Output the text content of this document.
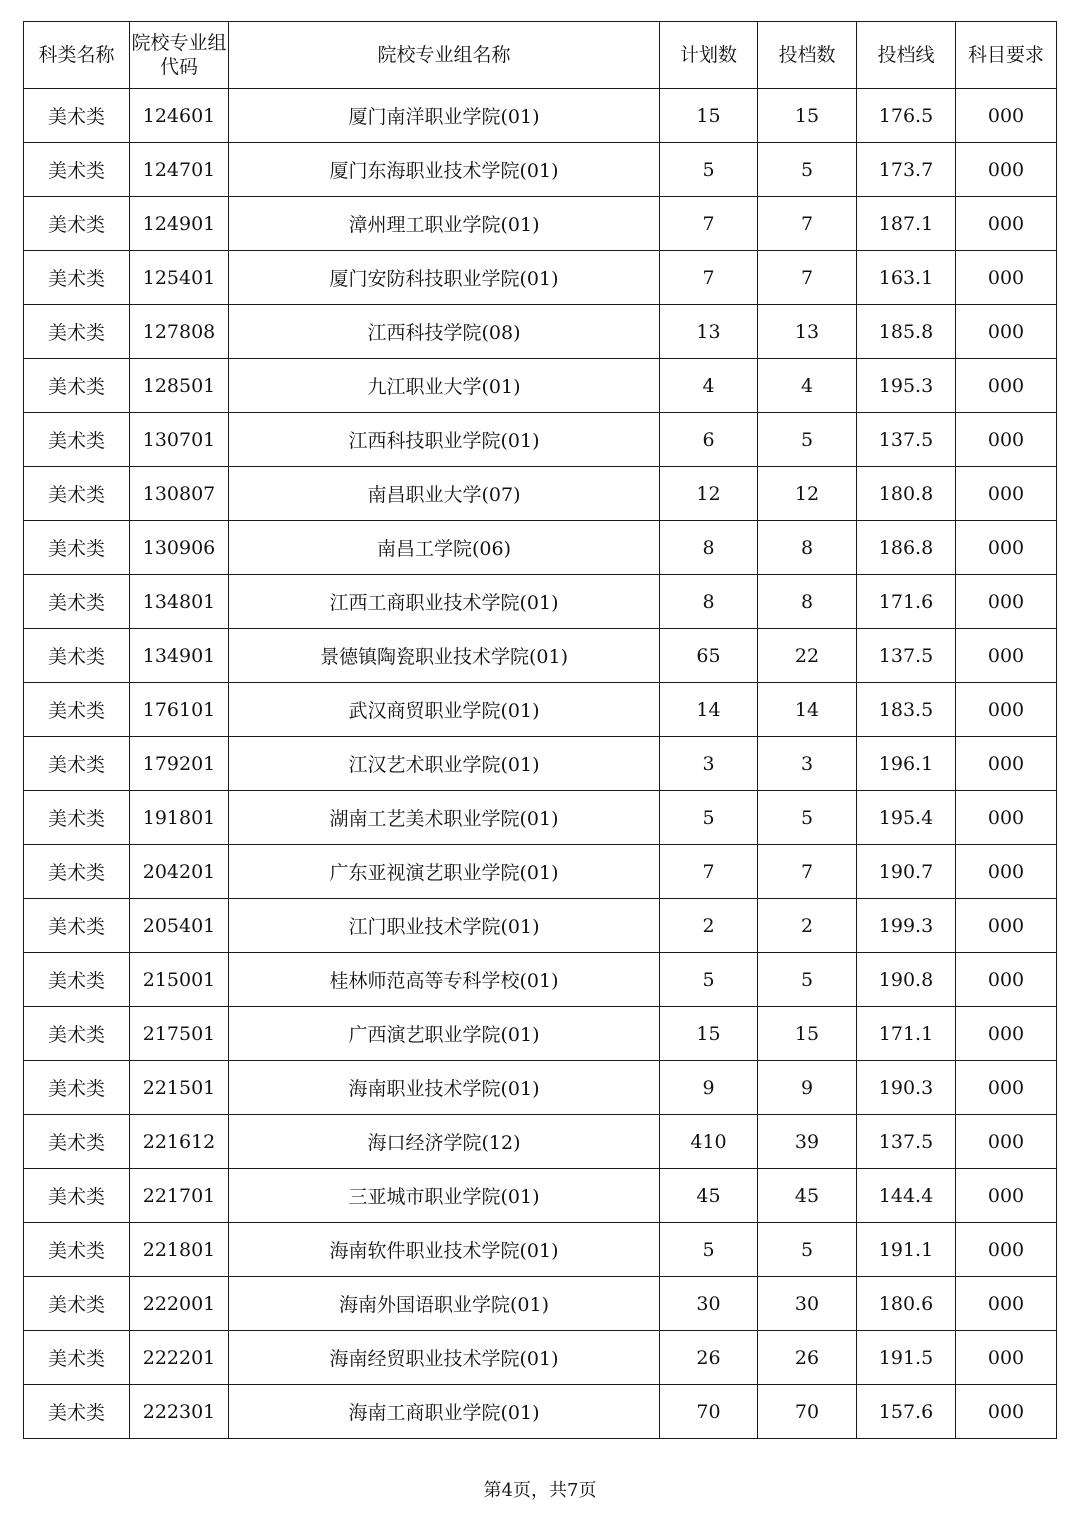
科类名称	院校专业组代码	院校专业组名称	计划数	投档数	投档线	科目要求
美术类	124601	厦门南洋职业学院(01)	15	15	176.5	000
美术类	124701	厦门东海职业技术学院(01)	5	5	173.7	000
美术类	124901	漳州理工职业学院(01)	7	7	187.1	000
美术类	125401	厦门安防科技职业学院(01)	7	7	163.1	000
美术类	127808	江西科技学院(08)	13	13	185.8	000
美术类	128501	九江职业大学(01)	4	4	195.3	000
美术类	130701	江西科技职业学院(01)	6	5	137.5	000
美术类	130807	南昌职业大学(07)	12	12	180.8	000
美术类	130906	南昌工学院(06)	8	8	186.8	000
美术类	134801	江西工商职业技术学院(01)	8	8	171.6	000
美术类	134901	景德镇陶瓷职业技术学院(01)	65	22	137.5	000
美术类	176101	武汉商贸职业学院(01)	14	14	183.5	000
美术类	179201	江汉艺术职业学院(01)	3	3	196.1	000
美术类	191801	湖南工艺美术职业学院(01)	5	5	195.4	000
美术类	204201	广东亚视演艺职业学院(01)	7	7	190.7	000
美术类	205401	江门职业技术学院(01)	2	2	199.3	000
美术类	215001	桂林师范高等专科学校(01)	5	5	190.8	000
美术类	217501	广西演艺职业学院(01)	15	15	171.1	000
美术类	221501	海南职业技术学院(01)	9	9	190.3	000
美术类	221612	海口经济学院(12)	410	39	137.5	000
美术类	221701	三亚城市职业学院(01)	45	45	144.4	000
美术类	221801	海南软件职业技术学院(01)	5	5	191.1	000
美术类	222001	海南外国语职业学院(01)	30	30	180.6	000
美术类	222201	海南经贸职业技术学院(01)	26	26	191.5	000
美术类	222301	海南工商职业学院(01)	70	70	157.6	000
第4页，共7页
